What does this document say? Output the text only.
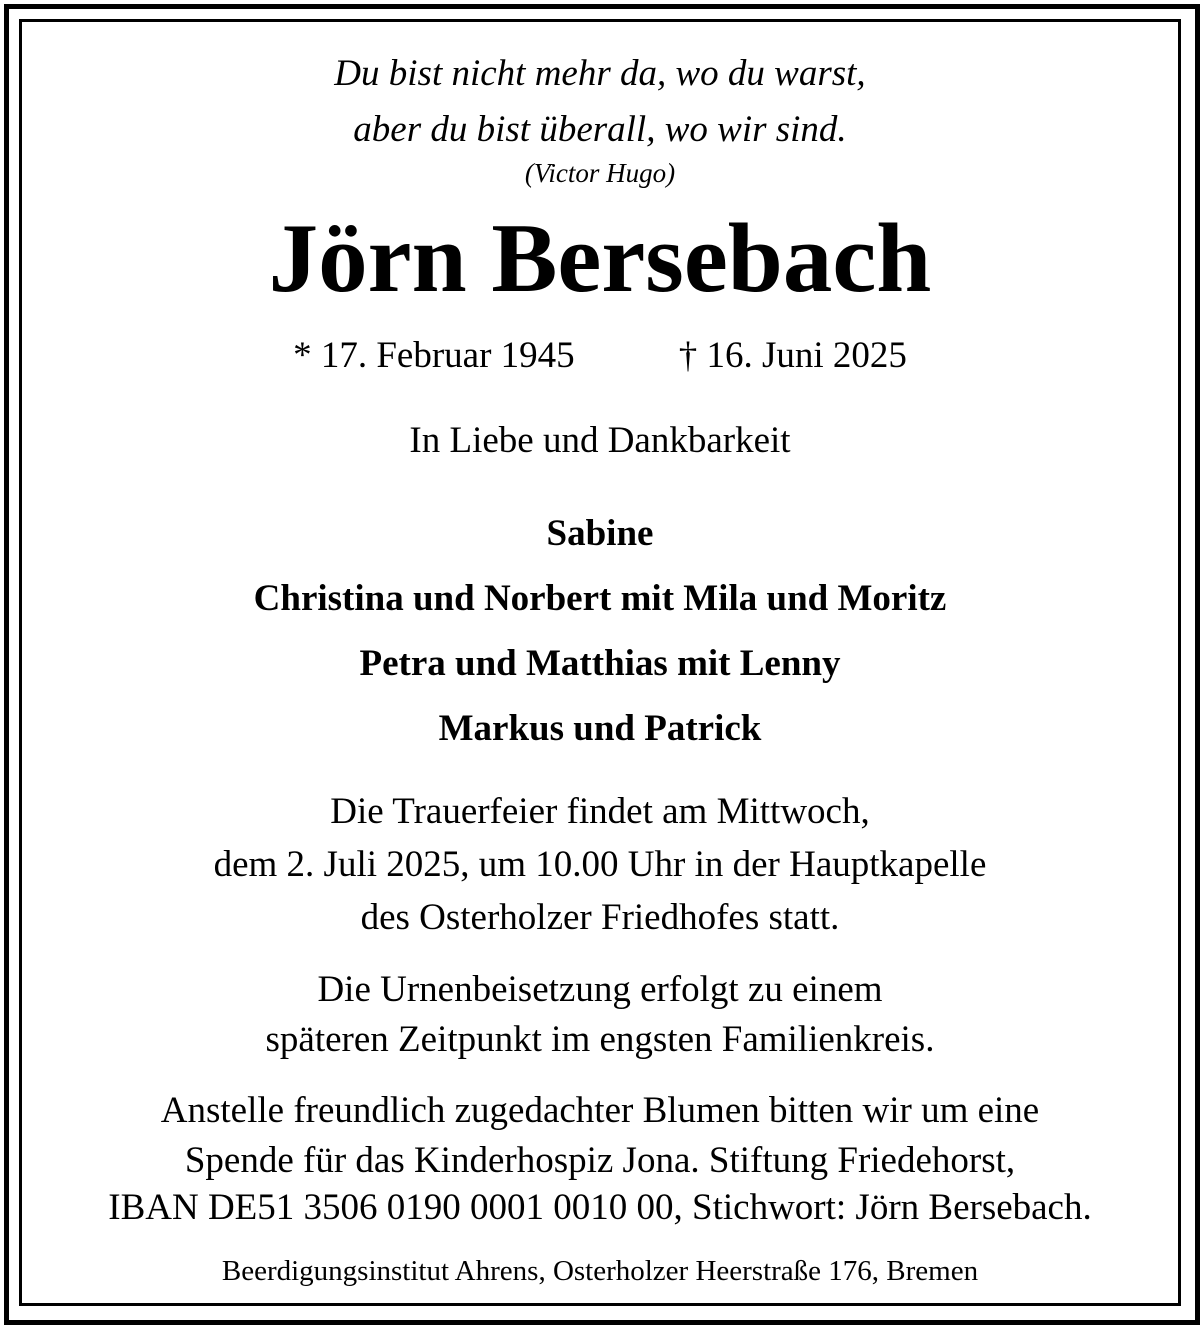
Du bist nicht mehr da, wo du warst,
aber du bist überall, wo wir sind.
(Victor Hugo)
Jörn Bersebach
* 17. Februar 1945	† 16. Juni 2025
In Liebe und Dankbarkeit
Sabine
Christina und Norbert mit Mila und Moritz
Petra und Matthias mit Lenny
Markus und Patrick
Die Trauerfeier findet am Mittwoch,
dem 2. Juli 2025, um 10.00 Uhr in der Hauptkapelle
des Osterholzer Friedhofes statt.
Die Urnenbeisetzung erfolgt zu einem
späteren Zeitpunkt im engsten Familienkreis.
Anstelle freundlich zugedachter Blumen bitten wir um eine
Spende für das Kinderhospiz Jona. Stiftung Friedehorst,
IBAN DE51 3506 0190 0001 0010 00, Stichwort: Jörn Bersebach.
Beerdigungsinstitut Ahrens, Osterholzer Heerstraße 176, Bremen
